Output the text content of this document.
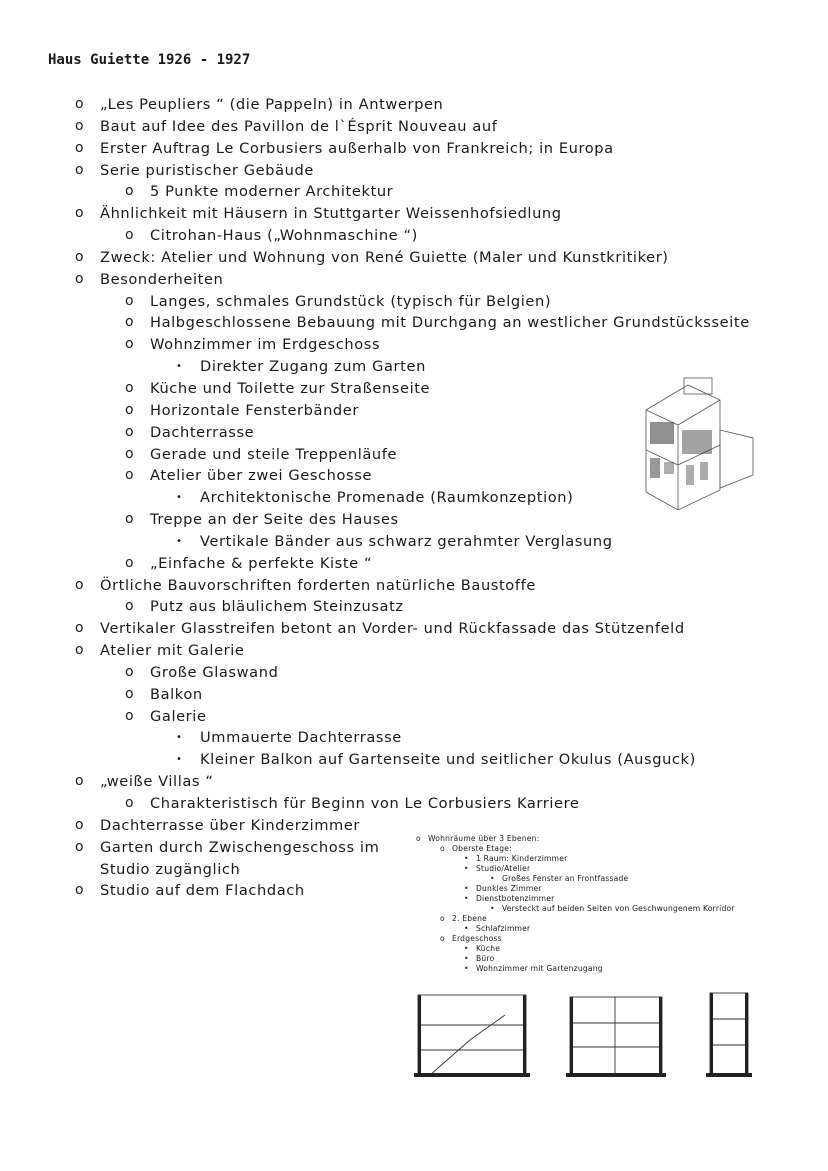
Haus Guiette 1926 - 1927
o „Les Peupliers “ (die Pappeln) in Antwerpen
o Baut auf Idee des Pavillon de l`Ésprit Nouveau auf
o Erster Auftrag Le Corbusiers außerhalb von Frankreich; in Europa
o Serie puristischer Gebäude
o 5 Punkte moderner Architektur
o Ähnlichkeit mit Häusern in Stuttgarter Weissenhofsiedlung
o Citrohan-Haus („Wohnmaschine “)
o Zweck: Atelier und Wohnung von René Guiette (Maler und Kunstkritiker)
o Besonderheiten
o Langes, schmales Grundstück (typisch für Belgien)
o Halbgeschlossene Bebauung mit Durchgang an westlicher Grundstücksseite
o Wohnzimmer im Erdgeschoss
• Direkter Zugang zum Garten
o Küche und Toilette zur Straßenseite
o Horizontale Fensterbänder
o Dachterrasse
o Gerade und steile Treppenläufe
o Atelier über zwei Geschosse
• Architektonische Promenade (Raumkonzeption)
o Treppe an der Seite des Hauses
• Vertikale Bänder aus schwarz gerahmter Verglasung
o „Einfache & perfekte Kiste “
o Örtliche Bauvorschriften forderten natürliche Baustoffe
o Putz aus bläulichem Steinzusatz
o Vertikaler Glasstreifen betont an Vorder- und Rückfassade das Stützenfeld
o Atelier mit Galerie
o Große Glaswand
o Balkon
o Galerie
• Ummauerte Dachterrasse
• Kleiner Balkon auf Gartenseite und seitlicher Okulus (Ausguck)
o „weiße Villas “
o Charakteristisch für Beginn von Le Corbusiers Karriere
o Dachterrasse über Kinderzimmer
o Garten durch Zwischengeschoss im
Studio zugänglich
o Studio auf dem Flachdach
o Wohnräume über 3 Ebenen:
o Oberste Etage:
• 1 Raum: Kinderzimmer
• Studio/Atelier
• Großes Fenster an Frontfassade
• Dunkles Zimmer
• Dienstbotenzimmer
• Versteckt auf beiden Seiten von Geschwungenem Korridor
o 2. Ebene
• Schlafzimmer
o Erdgeschoss
• Küche
• Büro
• Wohnzimmer mit Gartenzugang
